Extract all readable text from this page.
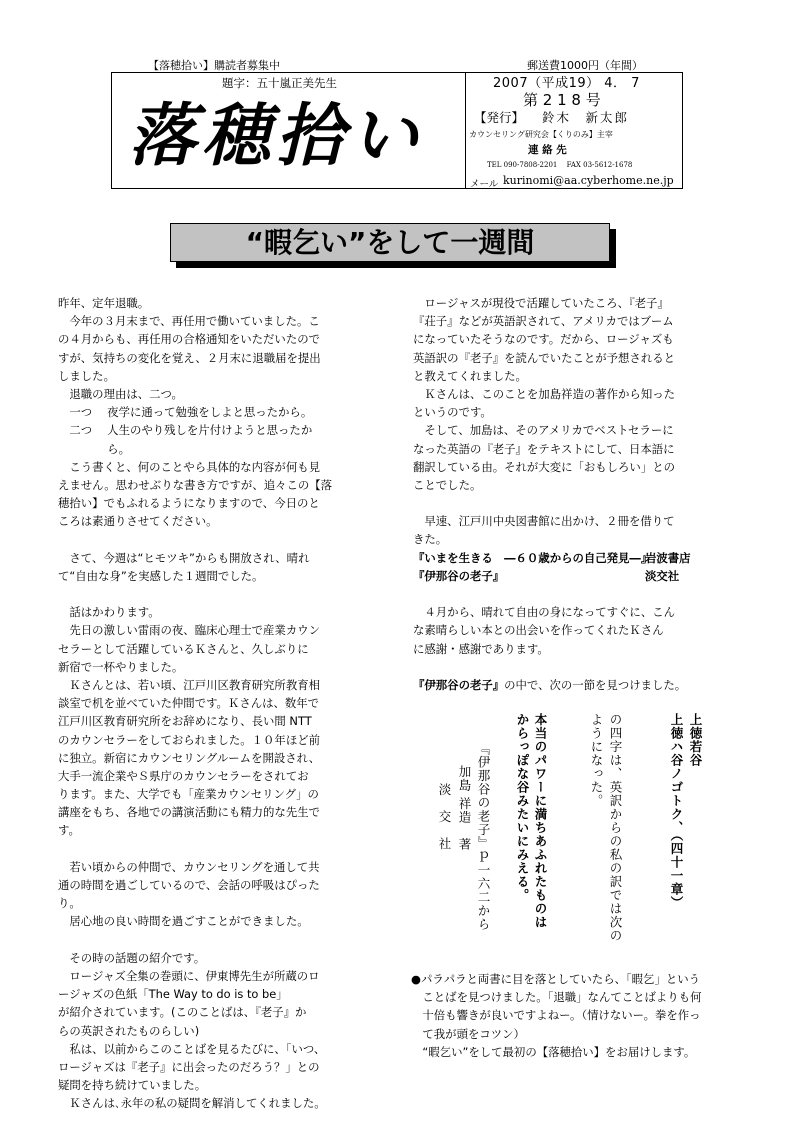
【落穂拾い】購読者募集中	郵送費1000円（年間）
題字：五十嵐正美先生
落穂拾い
2007（平成19） 4． 7
第 2 1 8 号
【発行】 鈴木　新太郎
カウンセリング研究会【くりのみ】主宰
連 絡 先
TEL 090-7808-2201　 FAX 03-5612-1678
メール kurinomi@aa.cyberhome.ne.jp
“暇乞い”をして一週間
昨年、定年退職。
　今年の３月末まで、再任用で働いていました。こ
の４月からも、再任用の合格通知をいただいたので
すが、気持ちの変化を覚え、２月末に退職届を提出
しました。
　退職の理由は、二つ。
　一つ　 夜学に通って勉強をしよと思ったから。
　二つ　 人生のやり残しを片付けようと思ったか
　　　　 ら。
　こう書くと、何のことやら具体的な内容が何も見
えません。思わせぶりな書き方ですが、追々この【落
穂拾い】でもふれるようになりますので、今日のと
ころは素通りさせてください。
　さて、今週は“ヒモツキ”からも開放され、晴れ
て“自由な身”を実感した１週間でした。
　話はかわります。
　先日の激しい雷雨の夜、臨床心理士で産業カウン
セラーとして活躍しているＫさんと、久しぶりに
新宿で一杯やりました。
　Ｋさんとは、若い頃、江戸川区教育研究所教育相
談室で机を並べていた仲間です。Ｋさんは、数年で
江戸川区教育研究所をお辞めになり、長い間 NTT
のカウンセラーをしておられました。１０年ほど前
に独立。新宿にカウンセリングルームを開設され、
大手一流企業やＳ県庁のカウンセラーをされてお
ります。また、大学でも「産業カウンセリング」の
講座をもち、各地での講演活動にも精力的な先生で
す。
　若い頃からの仲間で、カウンセリングを通して共
通の時間を過ごしているので、会話の呼吸はぴった
り。
　居心地の良い時間を過ごすことができました。
　その時の話題の紹介です。
　ロージャズ全集の巻頭に、伊東博先生が所蔵のロ
ージャズの色紙「The Way to do is to be」
が紹介されています。(このことばは、『老子』か
らの英訳されたものらしい)
　私は、以前からこのことばを見るたびに、「いつ、
ロージャズは『老子』に出会ったのだろう？」との
疑問を持ち続けていました。
　Ｋさんは､永年の私の疑問を解消してくれました。
　ロージャスが現役で活躍していたころ、『老子』
『荘子』などが英語訳されて、アメリカではブーム
になっていたそうなのです。だから、ロージャズも
英語訳の『老子』を読んでいたことが予想されると
と教えてくれました。
　Ｋさんは、このことを加島祥造の著作から知った
というのです。
　そして、加島は、そのアメリカでベストセラーに
なった英語の『老子』をテキストにして、日本語に
翻訳している由。それが大変に「おもしろい」との
ことでした。
　早速、江戸川中央図書館に出かけ、２冊を借りて
きた。
『いまを生きる　―６０歳からの自己発見―』
岩波書店
『伊那谷の老子』	淡交社
　４月から、晴れて自由の身になってすぐに、こん
な素晴らしい本との出会いを作ってくれたＫさん
に感謝・感謝であります。
『伊那谷の老子』の中で、次の一節を見つけました。
上徳若谷
上徳ハ谷ノゴトク、（四十一章）
の四字は、英訳からの私の訳では次の
ようになった。
本当のパワーに満ちあふれたものは
からっぽな谷みたいにみえる。
『伊那谷の老子』ｐ一六二から
加島 祥造　著
淡　交　社
●パラパラと両書に目を落としていたら、「暇乞」という
　ことばを見つけました。「退職」なんてことばよりも何
　十倍も響きが良いですよねー。（情けないー。拳を作っ
　て我が頭をコツン）
　“暇乞い”をして最初の【落穂拾い】をお届けします。
